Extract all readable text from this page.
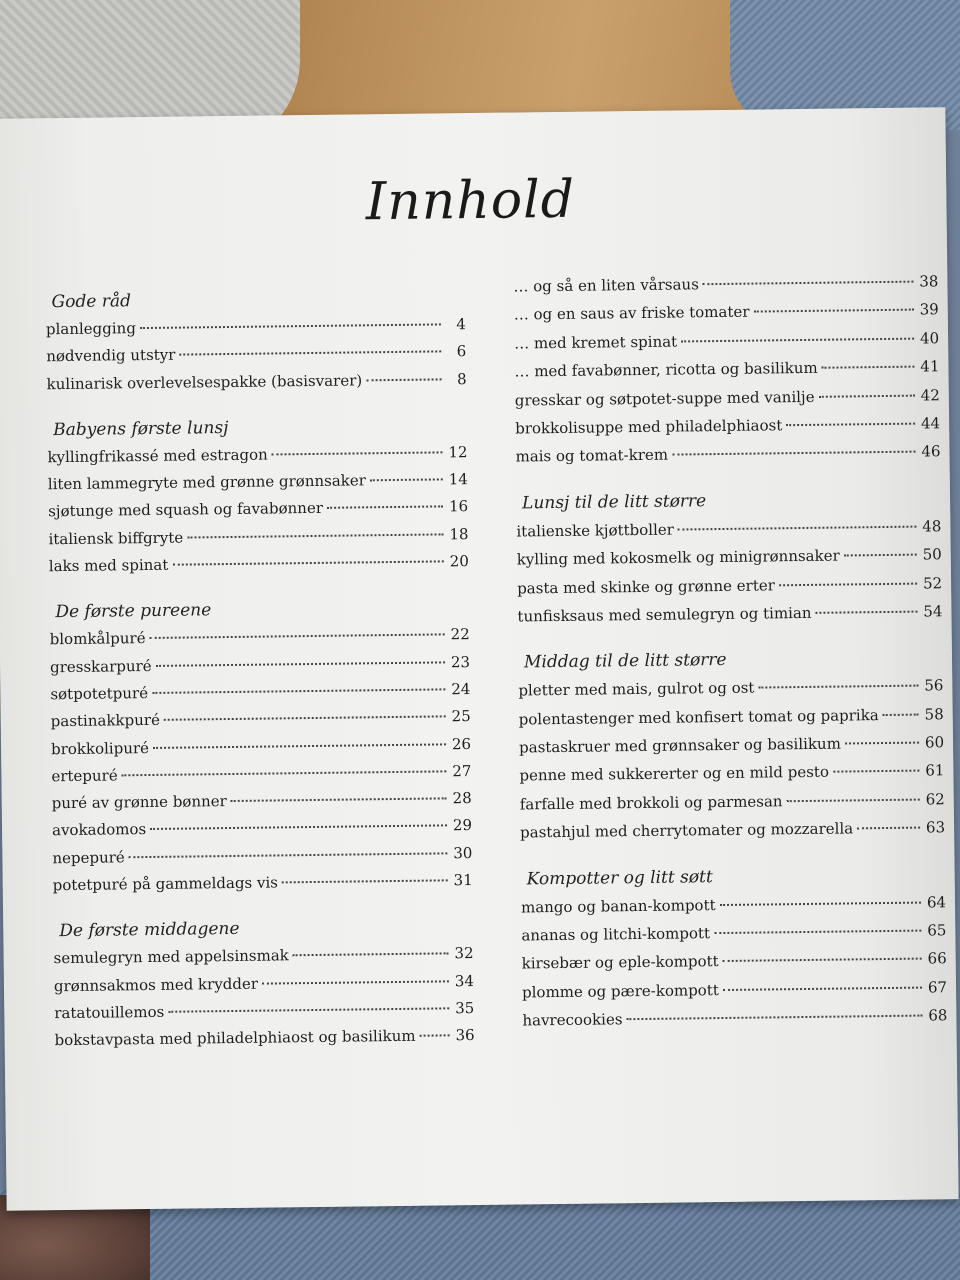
Innhold
Gode råd
planlegging	4
nødvendig utstyr	6
kulinarisk overlevelsespakke (basisvarer)	8
Babyens første lunsj
kyllingfrikassé med estragon	12
liten lammegryte med grønne grønnsaker	14
sjøtunge med squash og favabønner	16
italiensk biffgryte	18
laks med spinat	20
De første pureene
blomkålpuré	22
gresskarpuré	23
søtpotetpuré	24
pastinakkpuré	25
brokkolipuré	26
ertepuré	27
puré av grønne bønner	28
avokadomos	29
nepepuré	30
potetpuré på gammeldags vis	31
De første middagene
semulegryn med appelsinsmak	32
grønnsakmos med krydder	34
ratatouillemos	35
bokstavpasta med philadelphiaost og basilikum	36
… og så en liten vårsaus	38
… og en saus av friske tomater	39
… med kremet spinat	40
… med favabønner, ricotta og basilikum	41
gresskar og søtpotet-suppe med vanilje	42
brokkolisuppe med philadelphiaost	44
mais og tomat-krem	46
Lunsj til de litt større
italienske kjøttboller	48
kylling med kokosmelk og minigrønnsaker	50
pasta med skinke og grønne erter	52
tunfisksaus med semulegryn og timian	54
Middag til de litt større
pletter med mais, gulrot og ost	56
polentastenger med konfisert tomat og paprika	58
pastaskruer med grønnsaker og basilikum	60
penne med sukkererter og en mild pesto	61
farfalle med brokkoli og parmesan	62
pastahjul med cherrytomater og mozzarella	63
Kompotter og litt søtt
mango og banan-kompott	64
ananas og litchi-kompott	65
kirsebær og eple-kompott	66
plomme og pære-kompott	67
havrecookies	68
